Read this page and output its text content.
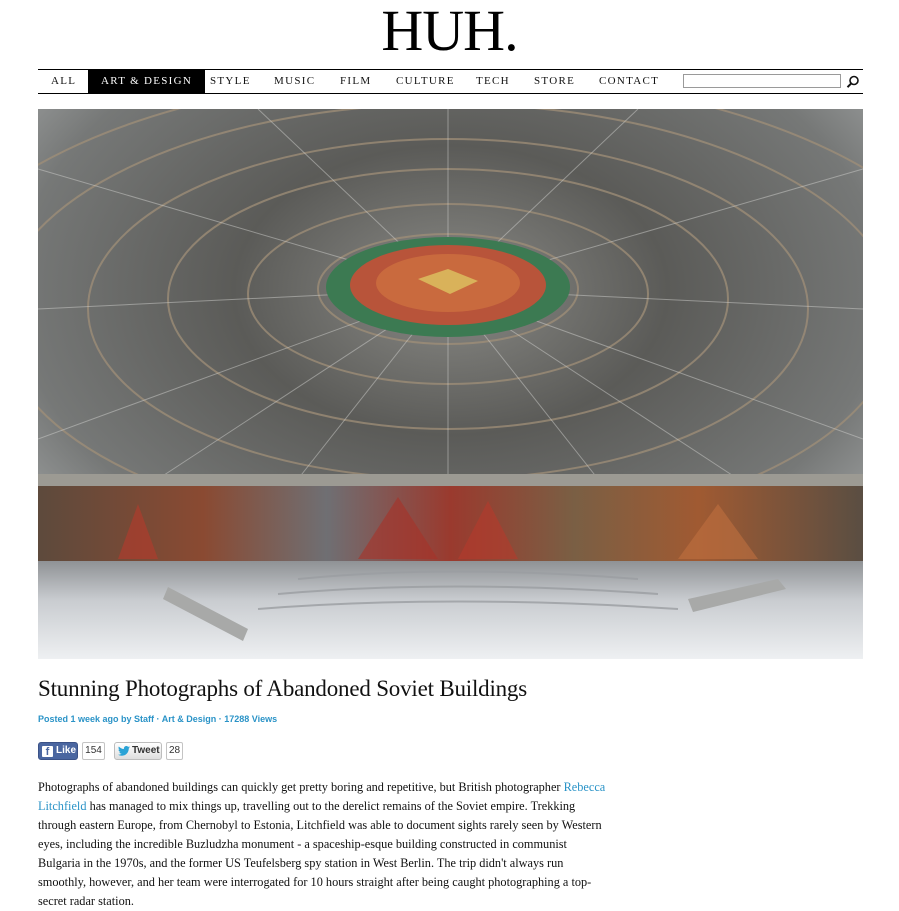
HUH.
ALL	ART & DESIGN	STYLE MUSIC FILM CULTURE TECH STORE CONTACT
Stunning Photographs of Abandoned Soviet Buildings
Posted 1 week ago by Staff · Art & Design · 17288 Views
f Like 154	Tweet 28

Photographs of abandoned buildings can quickly get pretty boring and repetitive, but British photographer Rebecca Litchfield has managed to mix things up, travelling out to the derelict remains of the Soviet empire. Trekking through eastern Europe, from Chernobyl to Estonia, Litchfield was able to document sights rarely seen by Western eyes, including the incredible Buzludzha monument - a spaceship-esque building constructed in communist Bulgaria in the 1970s, and the former US Teufelsberg spy station in West Berlin. The trip didn't always run smoothly, however, and her team were interrogated for 10 hours straight after being caught photographing a top-secret radar station.
